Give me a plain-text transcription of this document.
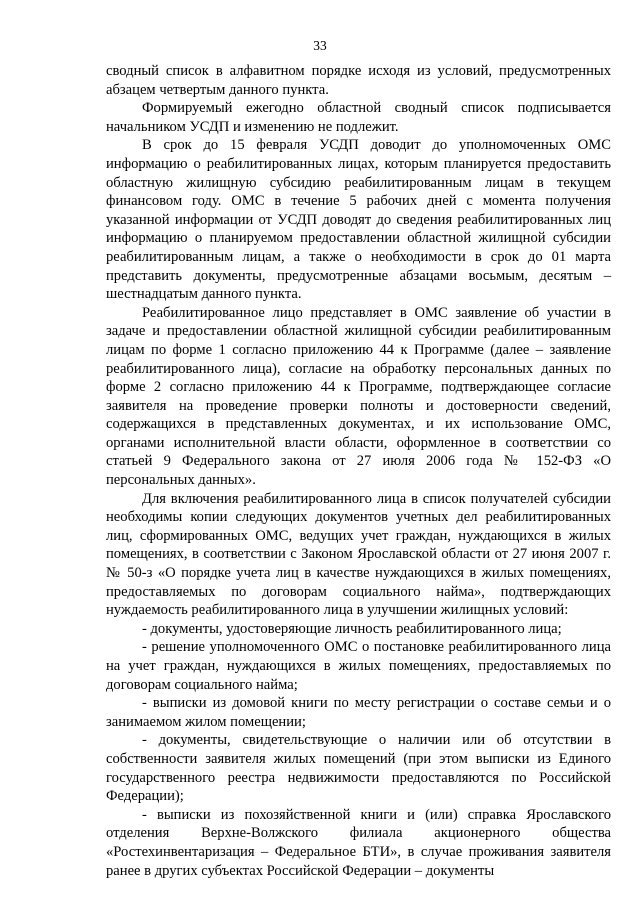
33

сводный список в алфавитном порядке исходя из условий, предусмотренных абзацем четвертым данного пункта.

Формируемый ежегодно областной сводный список подписывается начальником УСДП и изменению не подлежит.

В срок до 15 февраля УСДП доводит до уполномоченных ОМС информацию о реабилитированных лицах, которым планируется предоставить областную жилищную субсидию реабилитированным лицам в текущем финансовом году. ОМС в течение 5 рабочих дней с момента получения указанной информации от УСДП доводят до сведения реабилитированных лиц информацию о планируемом предоставлении областной жилищной субсидии реабилитированным лицам, а также о необходимости в срок до 01 марта представить документы, предусмотренные абзацами восьмым, десятым – шестнадцатым данного пункта.

Реабилитированное лицо представляет в ОМС заявление об участии в задаче и предоставлении областной жилищной субсидии реабилитированным лицам по форме 1 согласно приложению 44 к Программе (далее – заявление реабилитированного лица), согласие на обработку персональных данных по форме 2 согласно приложению 44 к Программе, подтверждающее согласие заявителя на проведение проверки полноты и достоверности сведений, содержащихся в представленных документах, и их использование ОМС, органами исполнительной власти области, оформленное в соответствии со статьей 9 Федерального закона от 27 июля 2006 года № 152-ФЗ «О персональных данных».

Для включения реабилитированного лица в список получателей субсидии необходимы копии следующих документов учетных дел реабилитированных лиц, сформированных ОМС, ведущих учет граждан, нуждающихся в жилых помещениях, в соответствии с Законом Ярославской области от 27 июня 2007 г. № 50-з «О порядке учета лиц в качестве нуждающихся в жилых помещениях, предоставляемых по договорам социального найма», подтверждающих нуждаемость реабилитированного лица в улучшении жилищных условий:

- документы, удостоверяющие личность реабилитированного лица;

- решение уполномоченного ОМС о постановке реабилитированного лица на учет граждан, нуждающихся в жилых помещениях, предоставляемых по договорам социального найма;

- выписки из домовой книги по месту регистрации о составе семьи и о занимаемом жилом помещении;

- документы, свидетельствующие о наличии или об отсутствии в собственности заявителя жилых помещений (при этом выписки из Единого государственного реестра недвижимости предоставляются по Российской Федерации);

- выписки из похозяйственной книги и (или) справка Ярославского отделения Верхне-Волжского филиала акционерного общества «Ростехинвентаризация – Федеральное БТИ», в случае проживания заявителя ранее в других субъектах Российской Федерации – документы
